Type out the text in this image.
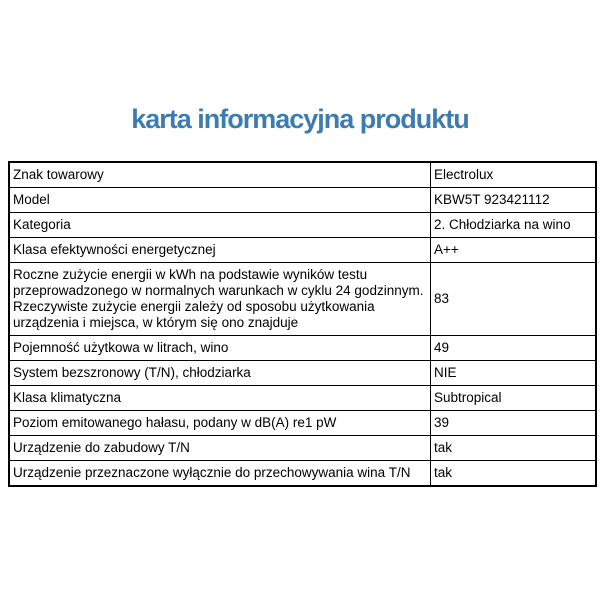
karta informacyjna produktu
Znak towarowy	Electrolux
Model	KBW5T 923421112
Kategoria	2. Chłodziarka na wino
Klasa efektywności energetycznej	A++
Roczne zużycie energii w kWh na podstawie wyników testu przeprowadzonego w normalnych warunkach w cyklu 24 godzinnym. Rzeczywiste zużycie energii zależy od sposobu użytkowania urządzenia i miejsca, w którym się ono znajduje	83
Pojemność użytkowa w litrach, wino	49
System bezszronowy (T/N), chłodziarka	NIE
Klasa klimatyczna	Subtropical
Poziom emitowanego hałasu, podany w dB(A) re1 pW	39
Urządzenie do zabudowy T/N	tak
Urządzenie przeznaczone wyłącznie do przechowywania wina T/N	tak
